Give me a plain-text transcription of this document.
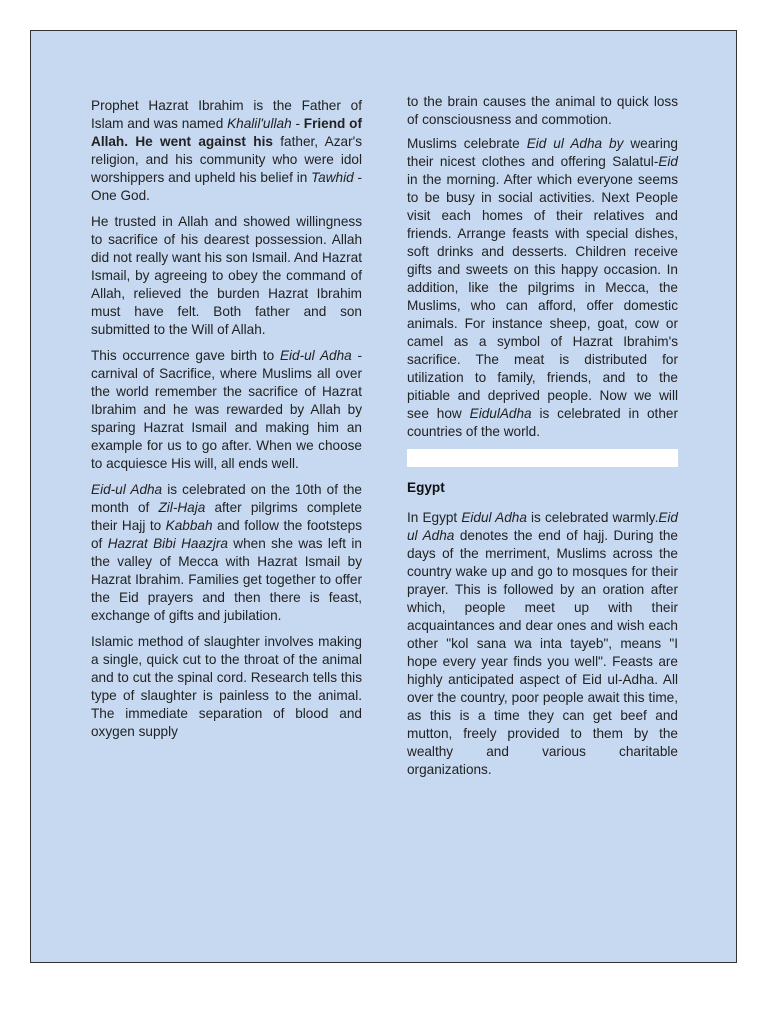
Prophet Hazrat Ibrahim is the Father of Islam and was named Khalil'ullah - Friend of Allah. He went against his father, Azar's religion, and his community who were idol worshippers and upheld his belief in Tawhid - One God.

He trusted in Allah and showed willingness to sacrifice of his dearest possession. Allah did not really want his son Ismail. And Hazrat Ismail, by agreeing to obey the command of Allah, relieved the burden Hazrat Ibrahim must have felt. Both father and son submitted to the Will of Allah.

This occurrence gave birth to Eid-ul Adha - carnival of Sacrifice, where Muslims all over the world remember the sacrifice of Hazrat Ibrahim and he was rewarded by Allah by sparing Hazrat Ismail and making him an example for us to go after. When we choose to acquiesce His will, all ends well.

Eid-ul Adha is celebrated on the 10th of the month of Zil-Haja after pilgrims complete their Hajj to Kabbah and follow the footsteps of Hazrat Bibi Haazjra when she was left in the valley of Mecca with Hazrat Ismail by Hazrat Ibrahim. Families get together to offer the Eid prayers and then there is feast, exchange of gifts and jubilation.

Islamic method of slaughter involves making a single, quick cut to the throat of the animal and to cut the spinal cord. Research tells this type of slaughter is painless to the animal. The immediate separation of blood and oxygen supply

to the brain causes the animal to quick loss of consciousness and commotion.

Muslims celebrate Eid ul Adha by wearing their nicest clothes and offering Salatul-Eid in the morning. After which everyone seems to be busy in social activities. Next People visit each homes of their relatives and friends. Arrange feasts with special dishes, soft drinks and desserts. Children receive gifts and sweets on this happy occasion. In addition, like the pilgrims in Mecca, the Muslims, who can afford, offer domestic animals. For instance sheep, goat, cow or camel as a symbol of Hazrat Ibrahim's sacrifice. The meat is distributed for utilization to family, friends, and to the pitiable and deprived people. Now we will see how EidulAdha is celebrated in other countries of the world.

Egypt

In Egypt Eidul Adha is celebrated warmly.Eid ul Adha denotes the end of hajj. During the days of the merriment, Muslims across the country wake up and go to mosques for their prayer. This is followed by an oration after which, people meet up with their acquaintances and dear ones and wish each other "kol sana wa inta tayeb", means "I hope every year finds you well". Feasts are highly anticipated aspect of Eid ul-Adha. All over the country, poor people await this time, as this is a time they can get beef and mutton, freely provided to them by the wealthy and various charitable organizations.
